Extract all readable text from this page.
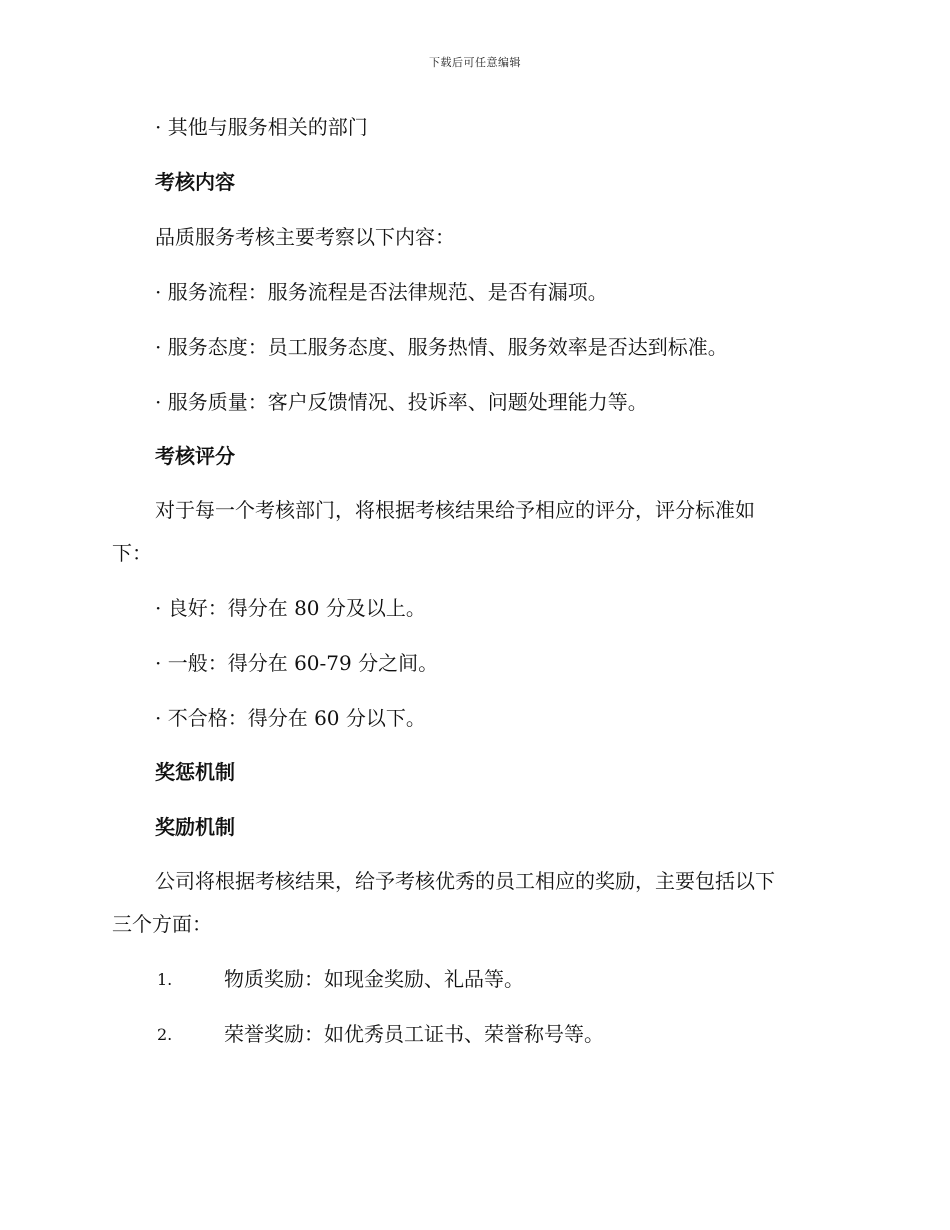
下载后可任意编辑
· 其他与服务相关的部门
考核内容
品质服务考核主要考察以下内容：
· 服务流程：服务流程是否法律规范、是否有漏项。
· 服务态度：员工服务态度、服务热情、服务效率是否达到标准。
· 服务质量：客户反馈情况、投诉率、问题处理能力等。
考核评分
对于每一个考核部门，将根据考核结果给予相应的评分，评分标准如
下：
· 良好：得分在 80 分及以上。
· 一般：得分在 60-79 分之间。
· 不合格：得分在 60 分以下。
奖惩机制
奖励机制
公司将根据考核结果，给予考核优秀的员工相应的奖励，主要包括以下
三个方面：
1.	物质奖励：如现金奖励、礼品等。
2.	荣誉奖励：如优秀员工证书、荣誉称号等。
